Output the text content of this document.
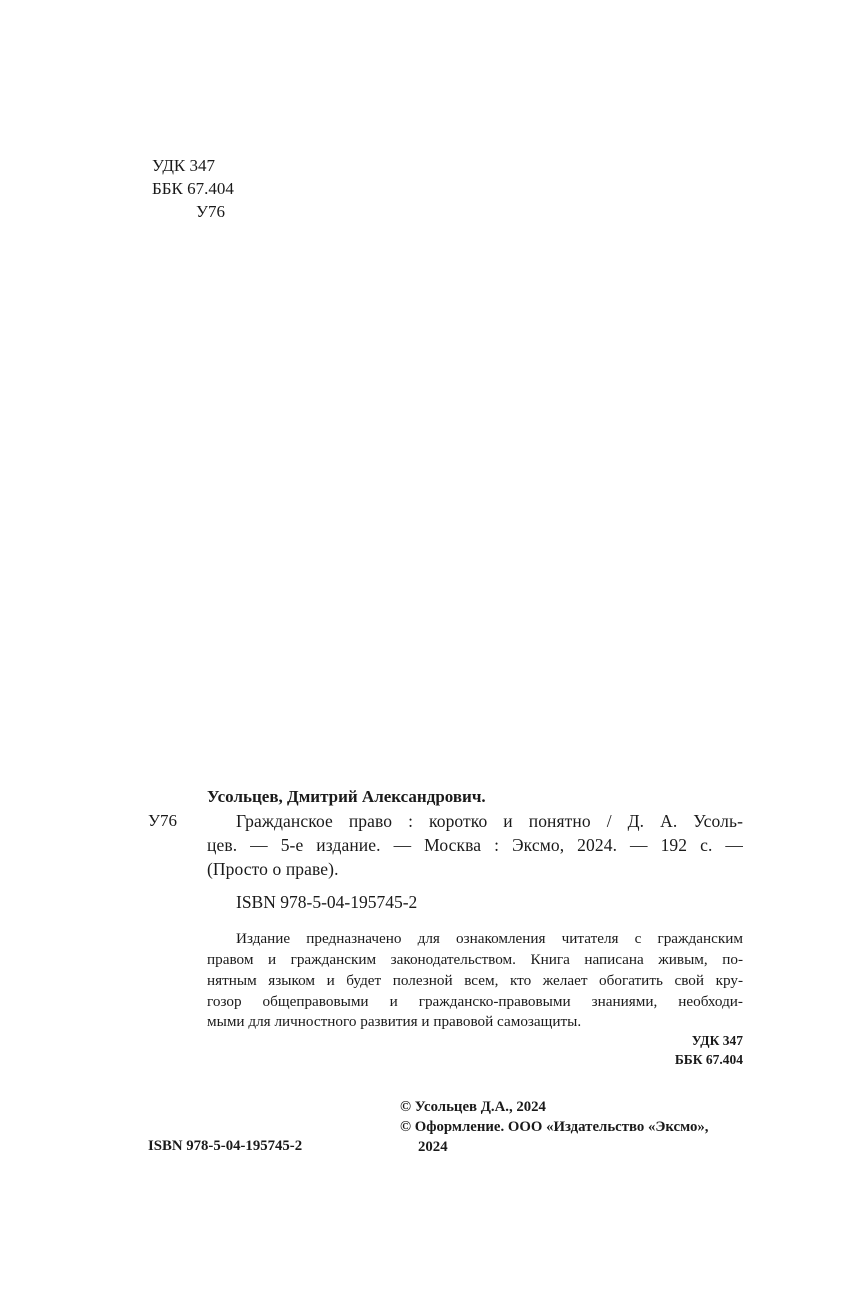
УДК 347
ББК 67.404
У76
Усольцев, Дмитрий Александрович.
У76	Гражданское право : коротко и понятно / Д. А. Усоль-
цев. — 5-е издание. — Москва : Эксмо, 2024. — 192 с. —
(Просто о праве).
ISBN 978-5-04-195745-2
Издание предназначено для ознакомления читателя с гражданским
правом и гражданским законодательством. Книга написана живым, по-
нятным языком и будет полезной всем, кто желает обогатить свой кру-
гозор общеправовыми и гражданско-правовыми знаниями, необходи-
мыми для личностного развития и правовой самозащиты.
УДК 347
ББК 67.404
© Усольцев Д.А., 2024
© Оформление. ООО «Издательство «Эксмо»,
2024
ISBN 978-5-04-195745-2
